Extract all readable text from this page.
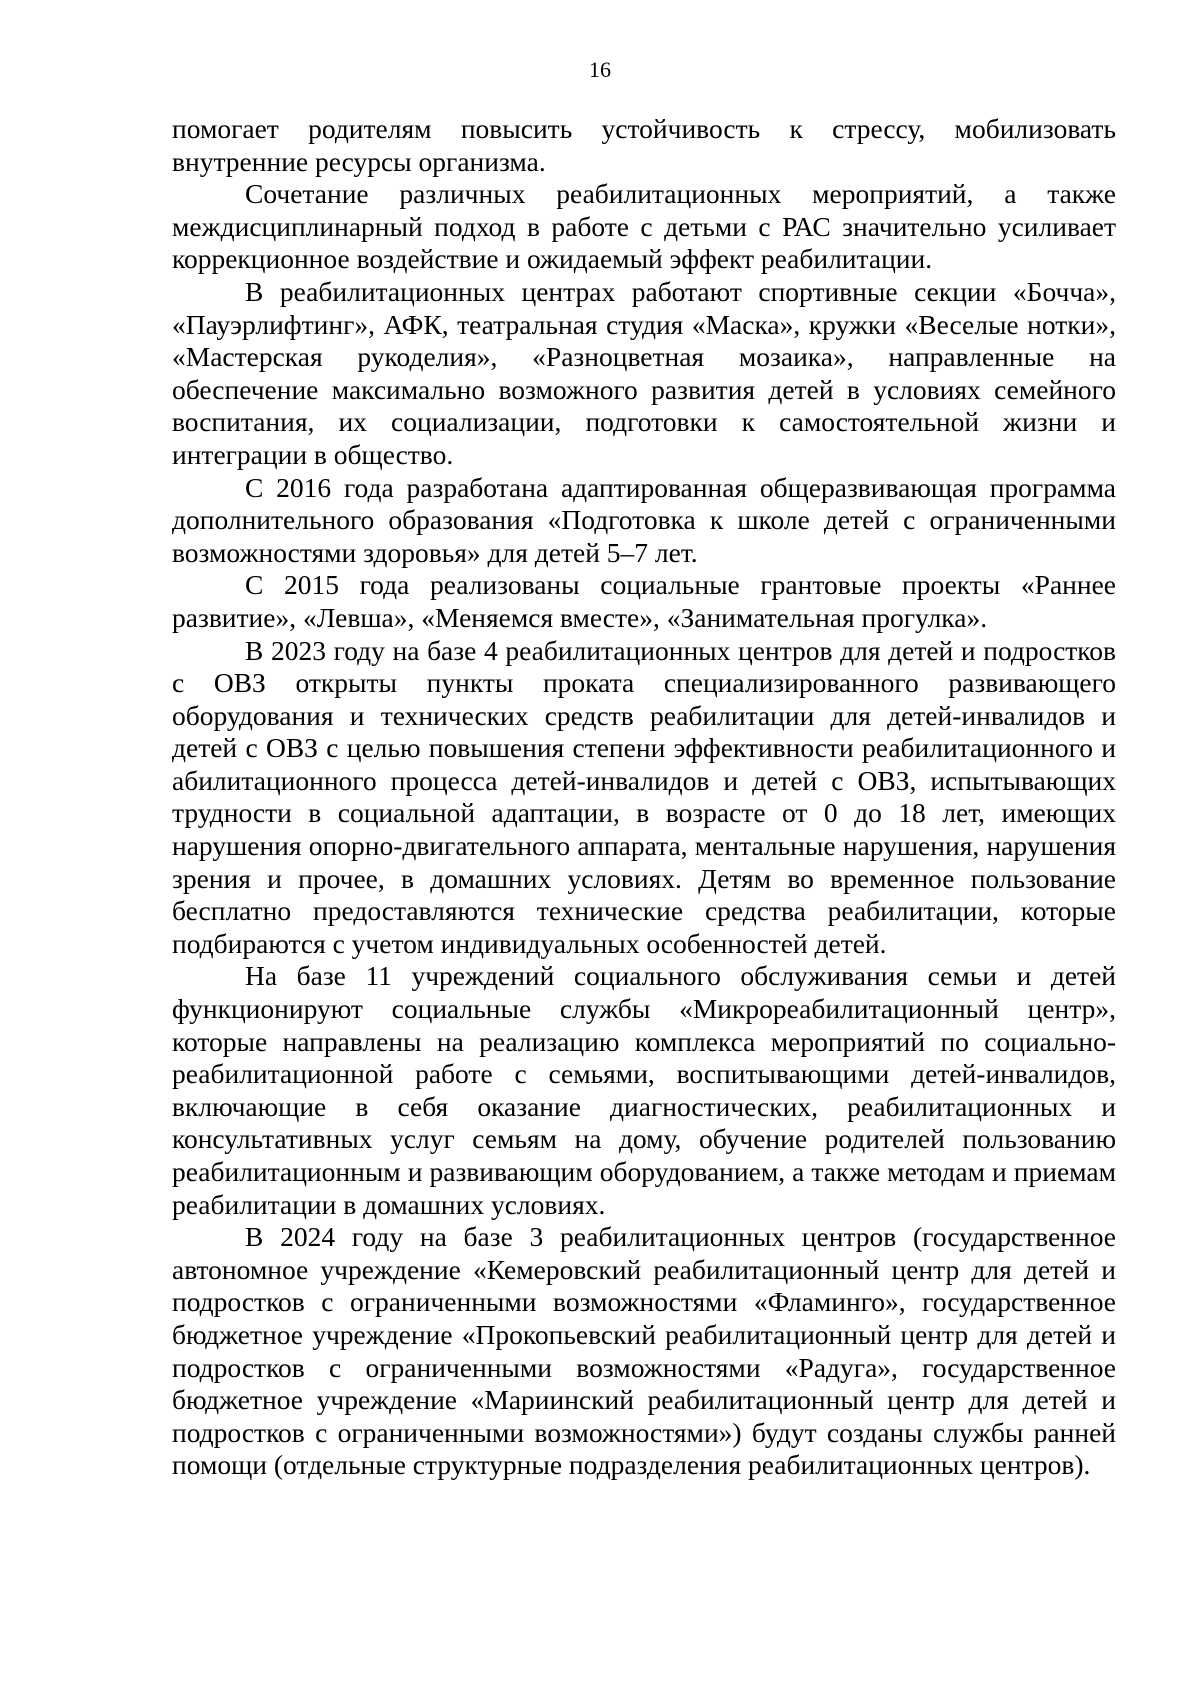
16

помогает родителям повысить устойчивость к стрессу, мобилизовать внутренние ресурсы организма.

Сочетание различных реабилитационных мероприятий, а также междисциплинарный подход в работе с детьми с РАС значительно усиливает коррекционное воздействие и ожидаемый эффект реабилитации.

В реабилитационных центрах работают спортивные секции «Бочча», «Пауэрлифтинг», АФК, театральная студия «Маска», кружки «Веселые нотки», «Мастерская рукоделия», «Разноцветная мозаика», направленные на обеспечение максимально возможного развития детей в условиях семейного воспитания, их социализации, подготовки к самостоятельной жизни и интеграции в общество.

С 2016 года разработана адаптированная общеразвивающая программа дополнительного образования «Подготовка к школе детей с ограниченными возможностями здоровья» для детей 5–7 лет.

С 2015 года реализованы социальные грантовые проекты «Раннее развитие», «Левша», «Меняемся вместе», «Занимательная прогулка».

В 2023 году на базе 4 реабилитационных центров для детей и подростков с ОВЗ открыты пункты проката специализированного развивающего оборудования и технических средств реабилитации для детей-инвалидов и детей с ОВЗ с целью повышения степени эффективности реабилитационного и абилитационного процесса детей-инвалидов и детей с ОВЗ, испытывающих трудности в социальной адаптации, в возрасте от 0 до 18 лет, имеющих нарушения опорно-двигательного аппарата, ментальные нарушения, нарушения зрения и прочее, в домашних условиях. Детям во временное пользование бесплатно предоставляются технические средства реабилитации, которые подбираются с учетом индивидуальных особенностей детей.

На базе 11 учреждений социального обслуживания семьи и детей функционируют социальные службы «Микрореабилитационный центр», которые направлены на реализацию комплекса мероприятий по социально-реабилитационной работе с семьями, воспитывающими детей-инвалидов, включающие в себя оказание диагностических, реабилитационных и консультативных услуг семьям на дому, обучение родителей пользованию реабилитационным и развивающим оборудованием, а также методам и приемам реабилитации в домашних условиях.

В 2024 году на базе 3 реабилитационных центров (государственное автономное учреждение «Кемеровский реабилитационный центр для детей и подростков с ограниченными возможностями «Фламинго», государственное бюджетное учреждение «Прокопьевский реабилитационный центр для детей и подростков с ограниченными возможностями «Радуга», государственное бюджетное учреждение «Мариинский реабилитационный центр для детей и подростков с ограниченными возможностями») будут созданы службы ранней помощи (отдельные структурные подразделения реабилитационных центров).
